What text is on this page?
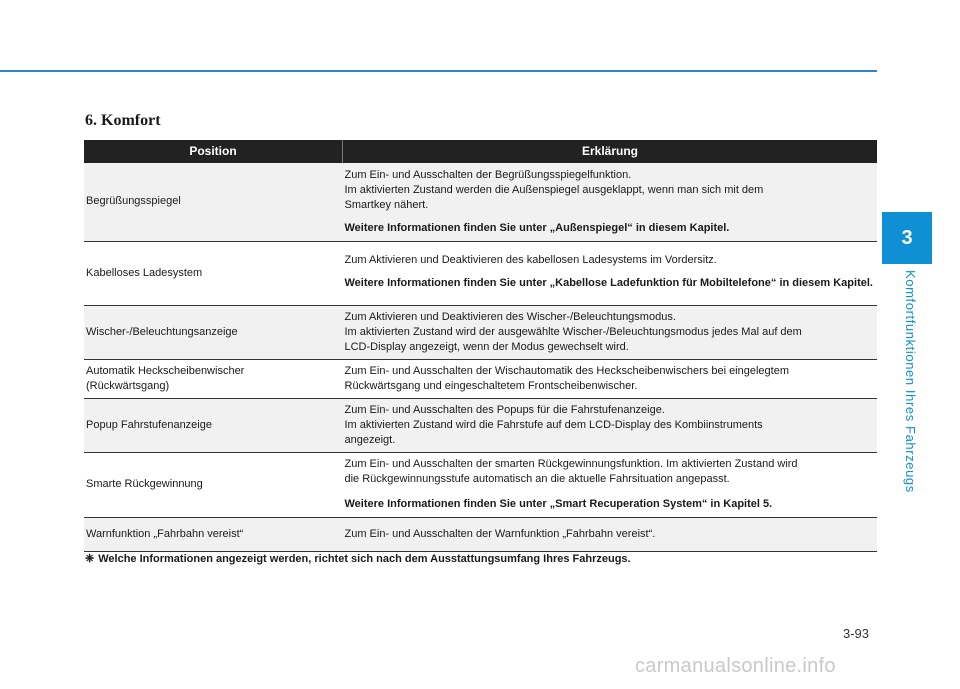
6. Komfort
3
Komfortfunktionen Ihres Fahrzeugs
Position	Erklärung
Begrüßungsspiegel	Zum Ein- und Ausschalten der Begrüßungsspiegelfunktion.
Im aktivierten Zustand werden die Außenspiegel ausgeklappt, wenn man sich mit dem
Smartkey nähert.

Weitere Informationen finden Sie unter „Außenspiegel“ in diesem Kapitel.

Kabelloses Ladesystem	Zum Aktivieren und Deaktivieren des kabellosen Ladesystems im Vordersitz.

Weitere Informationen finden Sie unter „Kabellose Ladefunktion für Mobiltelefone“ in diesem Kapitel.

Wischer-/Beleuchtungsanzeige	Zum Aktivieren und Deaktivieren des Wischer-/Beleuchtungsmodus.
Im aktivierten Zustand wird der ausgewählte Wischer-/Beleuchtungsmodus jedes Mal auf dem
LCD-Display angezeigt, wenn der Modus gewechselt wird.

Automatik Heckscheibenwischer
(Rückwärtsgang)	Zum Ein- und Ausschalten der Wischautomatik des Heckscheibenwischers bei eingelegtem
Rückwärtsgang und eingeschaltetem Frontscheibenwischer.

Popup Fahrstufenanzeige	Zum Ein- und Ausschalten des Popups für die Fahrstufenanzeige.
Im aktivierten Zustand wird die Fahrstufe auf dem LCD-Display des Kombiinstruments
angezeigt.

Smarte Rückgewinnung	Zum Ein- und Ausschalten der smarten Rückgewinnungsfunktion. Im aktivierten Zustand wird
die Rückgewinnungsstufe automatisch an die aktuelle Fahrsituation angepasst.

Weitere Informationen finden Sie unter „Smart Recuperation System“ in Kapitel 5.

Warnfunktion „Fahrbahn vereist“	Zum Ein- und Ausschalten der Warnfunktion „Fahrbahn vereist“.

❈ Welche Informationen angezeigt werden, richtet sich nach dem Ausstattungsumfang Ihres Fahrzeugs.
3-93
carmanualsonline.info
